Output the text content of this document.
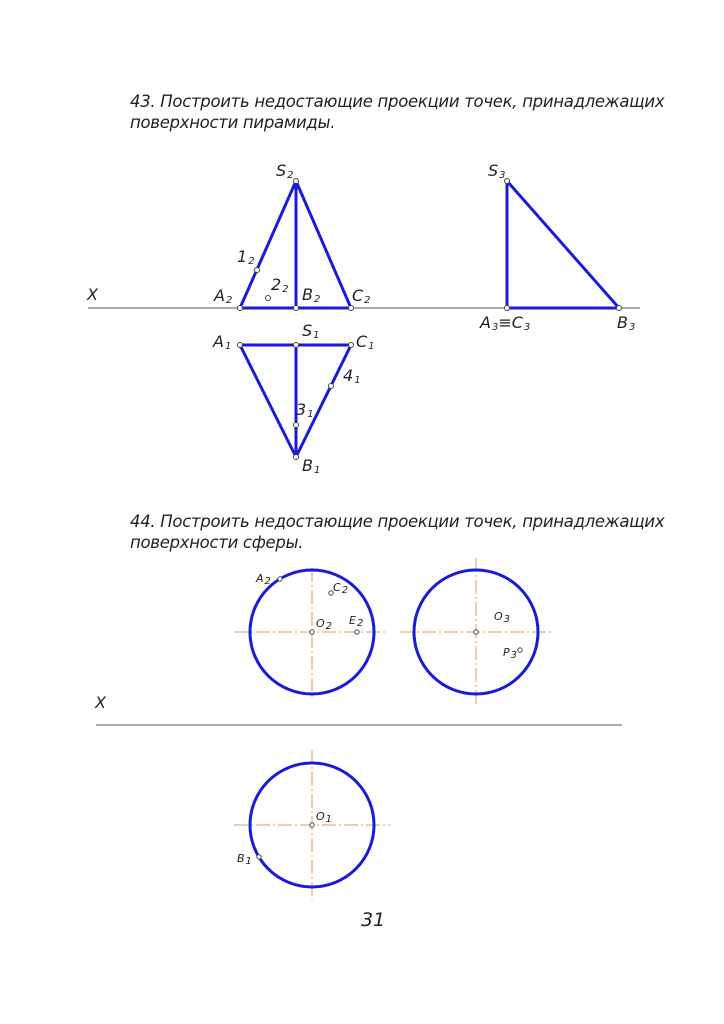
43. Построить недостающие проекции точек, принадлежащих
поверхности пирамиды.
X
S2
12
22
A2	B2 C2
S3
A3≡C3	B3
A1
S1 C1
41
31
B1
X
A2	C2
O2 E2
O3
P3
O1
B1
44. Построить недостающие проекции точек, принадлежащих
поверхности сферы.

31
